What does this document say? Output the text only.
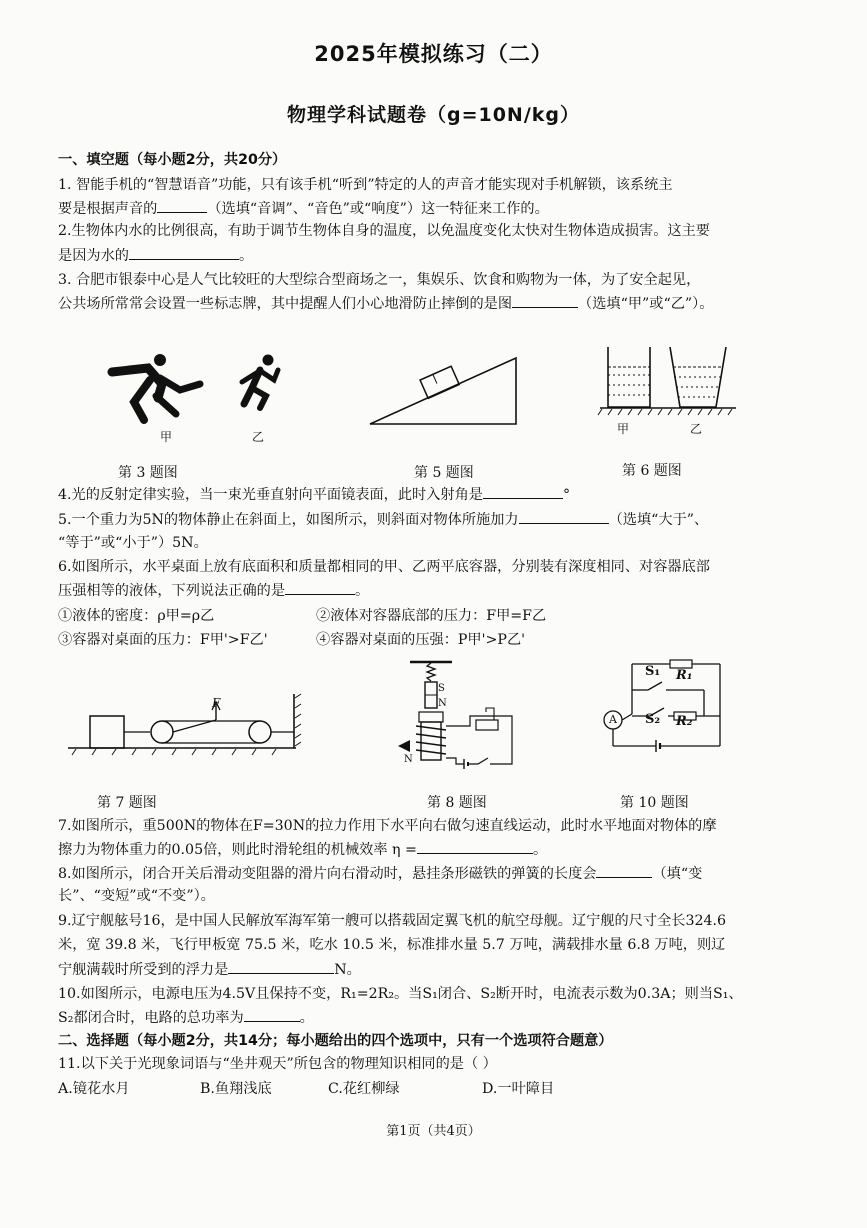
2025年模拟练习（二）
物理学科试题卷（g=10N/kg）
一、填空题（每小题2分，共20分）
1. 智能手机的“智慧语音”功能，只有该手机“听到”特定的人的声音才能实现对手机解锁，该系统主
要是根据声音的	（选填“音调”、“音色”或“响度”）这一特征来工作的。
2.生物体内水的比例很高，有助于调节生物体自身的温度，以免温度变化太快对生物体造成损害。这主要
是因为水的	。
3. 合肥市银泰中心是人气比较旺的大型综合型商场之一，集娱乐、饮食和购物为一体，为了安全起见，
公共场所常常会设置一些标志牌，其中提醒人们小心地滑防止摔倒的是图	（选填“甲”或“乙”）。
甲	乙
第 3 题图	第 5 题图
甲	乙
第 6 题图
4.光的反射定律实验，当一束光垂直射向平面镜表面，此时入射角是	°
5.一个重力为5N的物体静止在斜面上，如图所示，则斜面对物体所施加力	（选填“大于”、
“等于”或“小于”）5N。
6.如图所示，水平桌面上放有底面积和质量都相同的甲、乙两平底容器，分别装有深度相同、对容器底部
压强相等的液体，下列说法正确的是	。
①液体的密度：ρ甲=ρ乙	②液体对容器底部的压力：F甲=F乙
③容器对桌面的压力：F甲'>F乙'	④容器对桌面的压强：P甲'>P乙'
F
第 7 题图
S
N
N
第 8 题图
S₁ R₁
S₂ R₂
A
第 10 题图
7.如图所示，重500N的物体在F=30N的拉力作用下水平向右做匀速直线运动，此时水平地面对物体的摩
擦力为物体重力的0.05倍，则此时滑轮组的机械效率 η =	。
8.如图所示，闭合开关后滑动变阻器的滑片向右滑动时，悬挂条形磁铁的弹簧的长度会	（填“变
长”、“变短”或“不变”）。
9.辽宁舰舷号16，是中国人民解放军海军第一艘可以搭载固定翼飞机的航空母舰。辽宁舰的尺寸全长324.6
米，宽 39.8 米，飞行甲板宽 75.5 米，吃水 10.5 米，标准排水量 5.7 万吨，满载排水量 6.8 万吨，则辽
宁舰满载时所受到的浮力是	N。
10.如图所示，电源电压为4.5V且保持不变，R₁=2R₂。当S₁闭合、S₂断开时，电流表示数为0.3A；则当S₁、
S₂都闭合时，电路的总功率为	。
二、选择题（每小题2分，共14分；每小题给出的四个选项中，只有一个选项符合题意）
11.以下关于光现象词语与“坐井观天”所包含的物理知识相同的是（ ）
A.镜花水月	B.鱼翔浅底	C.花红柳绿	D.一叶障目
第1页（共4页）
